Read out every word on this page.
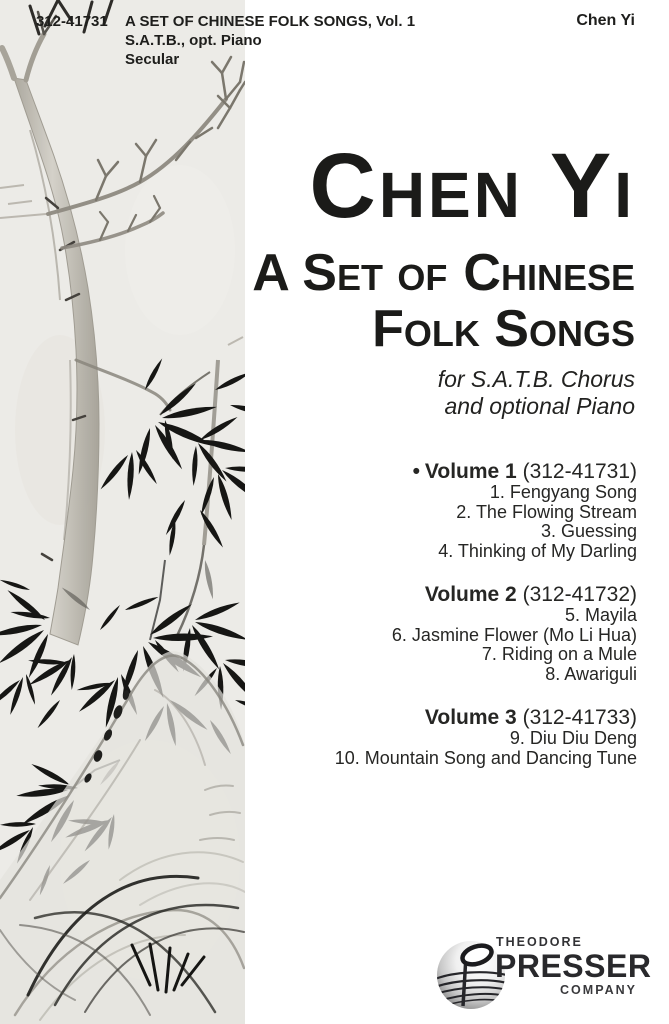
312-41731	A SET OF CHINESE FOLK SONGS, Vol. 1
S.A.T.B., opt. Piano
Secular
Chen Yi
Chen Yi
A Set of Chinese
Folk Songs
for S.A.T.B. Chorus
and optional Piano
• Volume 1 (312-41731)
1. Fengyang Song
2. The Flowing Stream
3. Guessing
4. Thinking of My Darling
Volume 2 (312-41732)
5. Mayila
6. Jasmine Flower (Mo Li Hua)
7. Riding on a Mule
8. Awariguli
Volume 3 (312-41733)
9. Diu Diu Deng
10. Mountain Song and Dancing Tune
THEODORE
PRESSER
COMPANY
